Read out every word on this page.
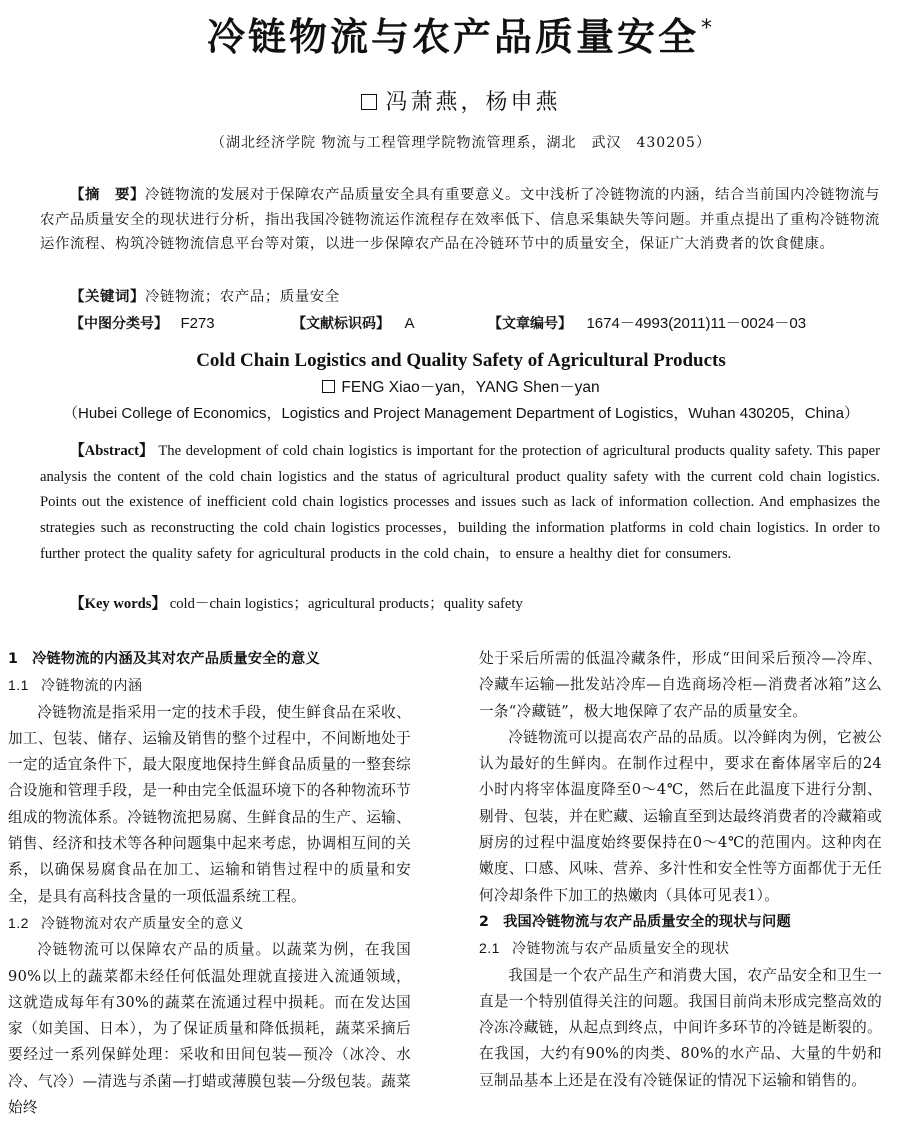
冷链物流与农产品质量安全*
冯萧燕，杨申燕
（湖北经济学院 物流与工程管理学院物流管理系，湖北　武汉　430205）
【摘　要】冷链物流的发展对于保障农产品质量安全具有重要意义。文中浅析了冷链物流的内涵，结合当前国内冷链物流与农产品质量安全的现状进行分析，指出我国冷链物流运作流程存在效率低下、信息采集缺失等问题。并重点提出了重构冷链物流运作流程、构筑冷链物流信息平台等对策，以进一步保障农产品在冷链环节中的质量安全，保证广大消费者的饮食健康。
【关键词】冷链物流；农产品；质量安全
【中图分类号】 F273	【文献标识码】 A	【文章编号】 1674－4993(2011)11－0024－03
Cold Chain Logistics and Quality Safety of Agricultural Products
FENG Xiao－yan，YANG Shen－yan
（Hubei College of Economics，Logistics and Project Management Department of Logistics，Wuhan 430205，China）
【Abstract】 The development of cold chain logistics is important for the protection of agricultural products quality safety. This paper analysis the content of the cold chain logistics and the status of agricultural product quality safety with the current cold chain logistics. Points out the existence of inefficient cold chain logistics processes and issues such as lack of information collection. And emphasizes the strategies such as reconstructing the cold chain logistics processes，building the information platforms in cold chain logistics. In order to further protect the quality safety for agricultural products in the cold chain，to ensure a healthy diet for consumers.
【Key words】 cold－chain logistics；agricultural products；quality safety

1 冷链物流的内涵及其对农产品质量安全的意义

1.1 冷链物流的内涵

冷链物流是指采用一定的技术手段，使生鲜食品在采收、加工、包装、储存、运输及销售的整个过程中，不间断地处于一定的适宜条件下，最大限度地保持生鲜食品质量的一整套综合设施和管理手段，是一种由完全低温环境下的各种物流环节组成的物流体系。冷链物流把易腐、生鲜食品的生产、运输、销售、经济和技术等各种问题集中起来考虑，协调相互间的关系，以确保易腐食品在加工、运输和销售过程中的质量和安全，是具有高科技含量的一项低温系统工程。

1.2 冷链物流对农产质量安全的意义

冷链物流可以保障农产品的质量。以蔬菜为例，在我国90%以上的蔬菜都未经任何低温处理就直接进入流通领域，这就造成每年有30%的蔬菜在流通过程中损耗。而在发达国家（如美国、日本），为了保证质量和降低损耗，蔬菜采摘后要经过一系列保鲜处理：采收和田间包装—预冷（冰冷、水冷、气冷）—清选与杀菌—打蜡或薄膜包装—分级包装。蔬菜始终

处于采后所需的低温冷藏条件，形成“田间采后预冷—冷库、冷藏车运输—批发站冷库—自选商场冷柜—消费者冰箱”这么一条“冷藏链”，极大地保障了农产品的质量安全。

冷链物流可以提高农产品的品质。以冷鲜肉为例，它被公认为最好的生鲜肉。在制作过程中，要求在畜体屠宰后的24小时内将宰体温度降至0～4℃，然后在此温度下进行分割、剔骨、包装，并在贮藏、运输直至到达最终消费者的冷藏箱或厨房的过程中温度始终要保持在0～4℃的范围内。这种肉在嫩度、口感、风味、营养、多汁性和安全性等方面都优于无任何冷却条件下加工的热嫩肉（具体可见表1）。

2 我国冷链物流与农产品质量安全的现状与问题

2.1 冷链物流与农产品质量安全的现状

我国是一个农产品生产和消费大国，农产品安全和卫生一直是一个特别值得关注的问题。我国目前尚未形成完整高效的冷冻冷藏链，从起点到终点，中间许多环节的冷链是断裂的。在我国，大约有90%的肉类、80%的水产品、大量的牛奶和豆制品基本上还是在没有冷链保证的情况下运输和销售的。
